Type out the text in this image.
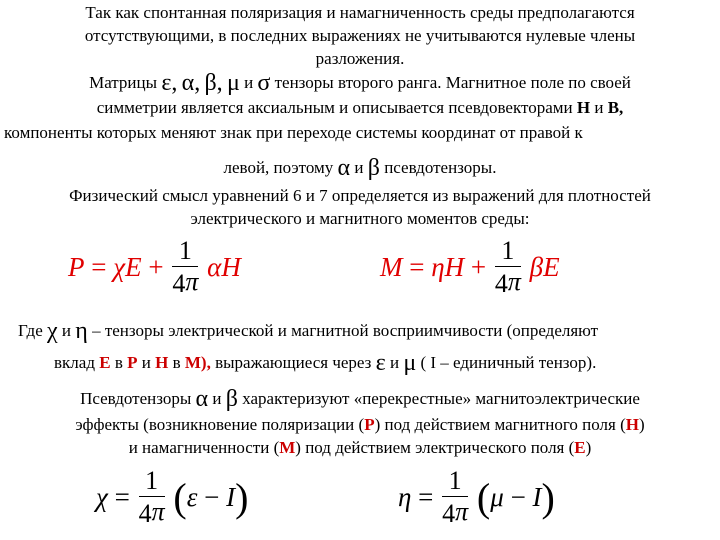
Так как спонтанная поляризация и намагниченность среды предполагаются
отсутствующими, в последних выражениях не учитываются нулевые члены
разложения.
Матрицы ε, α, β, μ и σ тензоры второго ранга. Магнитное поле по своей
симметрии является аксиальным и описывается псевдовекторами H и B,
компоненты которых меняют знак при переходе системы координат от правой к
левой, поэтому α и β псевдотензоры.
Физический смысл уравнений 6 и 7 определяется из выражений для плотностей
электрического и магнитного моментов среды:
$P = \chi E + \frac{1}{4\pi}$ αH	$M = \eta H + \frac{1}{4\pi}$ βE
Где χ и η – тензоры электрической и магнитной восприимчивости (определяют
вклад E в P и H в M), выражающиеся через ε и μ ( I – единичный тензор).
Псевдотензоры α и β характеризуют «перекрестные» магнитоэлектрические
эффекты (возникновение поляризации (P) под действием магнитного поля (H)
и намагниченности (M) под действием электрического поля (E)
$\chi = \frac{1}{4\pi} (\varepsilon - I)$	$\eta = \frac{1}{4\pi} (\mu - I)$
